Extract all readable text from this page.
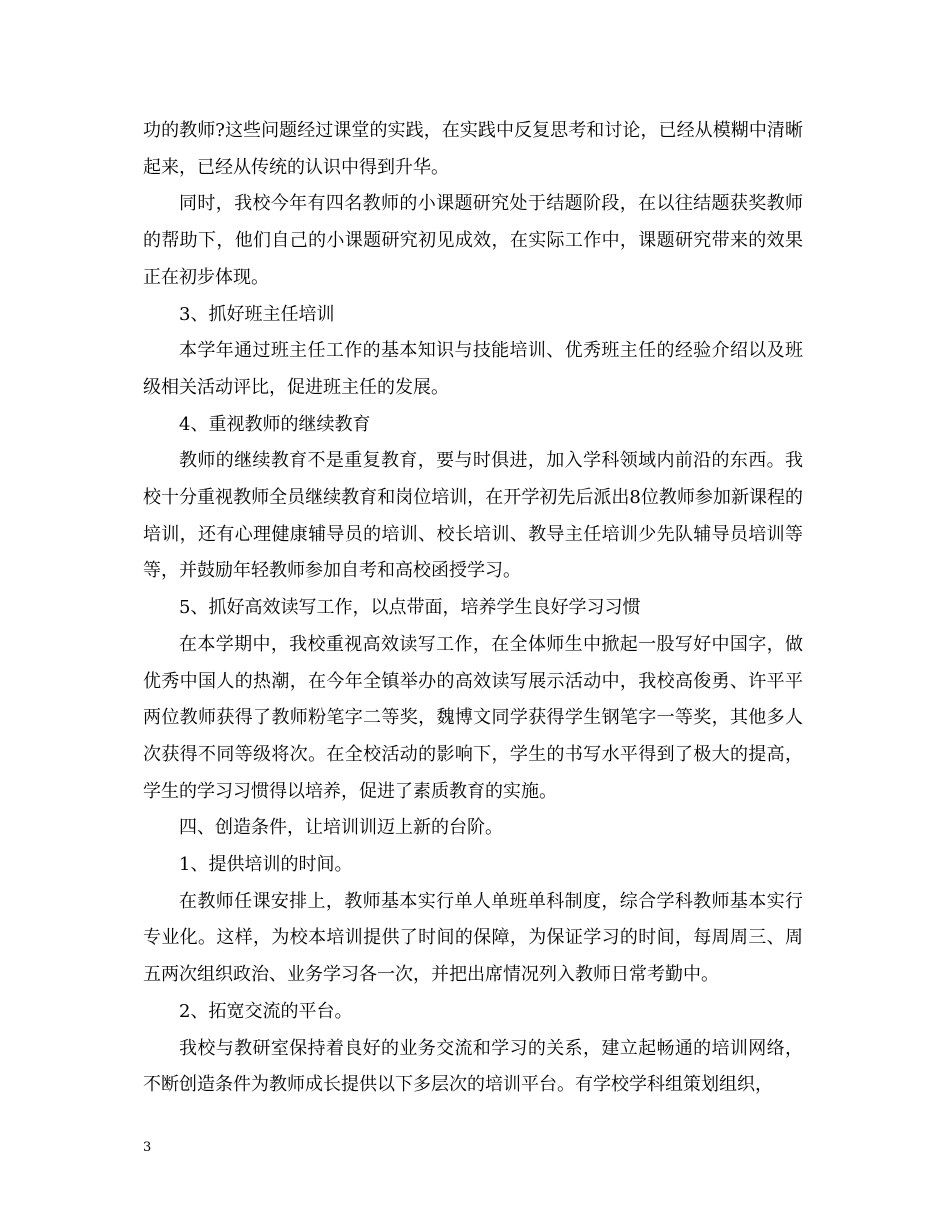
功的教师?这些问题经过课堂的实践，在实践中反复思考和讨论，已经从模糊中清晰起来，已经从传统的认识中得到升华。

同时，我校今年有四名教师的小课题研究处于结题阶段，在以往结题获奖教师的帮助下，他们自己的小课题研究初见成效，在实际工作中，课题研究带来的效果正在初步体现。

3、抓好班主任培训

本学年通过班主任工作的基本知识与技能培训、优秀班主任的经验介绍以及班级相关活动评比，促进班主任的发展。

4、重视教师的继续教育

教师的继续教育不是重复教育，要与时俱进，加入学科领域内前沿的东西。我校十分重视教师全员继续教育和岗位培训，在开学初先后派出8位教师参加新课程的培训，还有心理健康辅导员的培训、校长培训、教导主任培训少先队辅导员培训等等，并鼓励年轻教师参加自考和高校函授学习。

5、抓好高效读写工作，以点带面，培养学生良好学习习惯

在本学期中，我校重视高效读写工作，在全体师生中掀起一股写好中国字，做优秀中国人的热潮，在今年全镇举办的高效读写展示活动中，我校高俊勇、许平平两位教师获得了教师粉笔字二等奖，魏博文同学获得学生钢笔字一等奖，其他多人次获得不同等级将次。在全校活动的影响下，学生的书写水平得到了极大的提高，学生的学习习惯得以培养，促进了素质教育的实施。

四、创造条件，让培训训迈上新的台阶。

1、提供培训的时间。

在教师任课安排上，教师基本实行单人单班单科制度，综合学科教师基本实行专业化。这样，为校本培训提供了时间的保障，为保证学习的时间，每周周三、周五两次组织政治、业务学习各一次，并把出席情况列入教师日常考勤中。

2、拓宽交流的平台。

我校与教研室保持着良好的业务交流和学习的关系，建立起畅通的培训网络，不断创造条件为教师成长提供以下多层次的培训平台。有学校学科组策划组织，

3
